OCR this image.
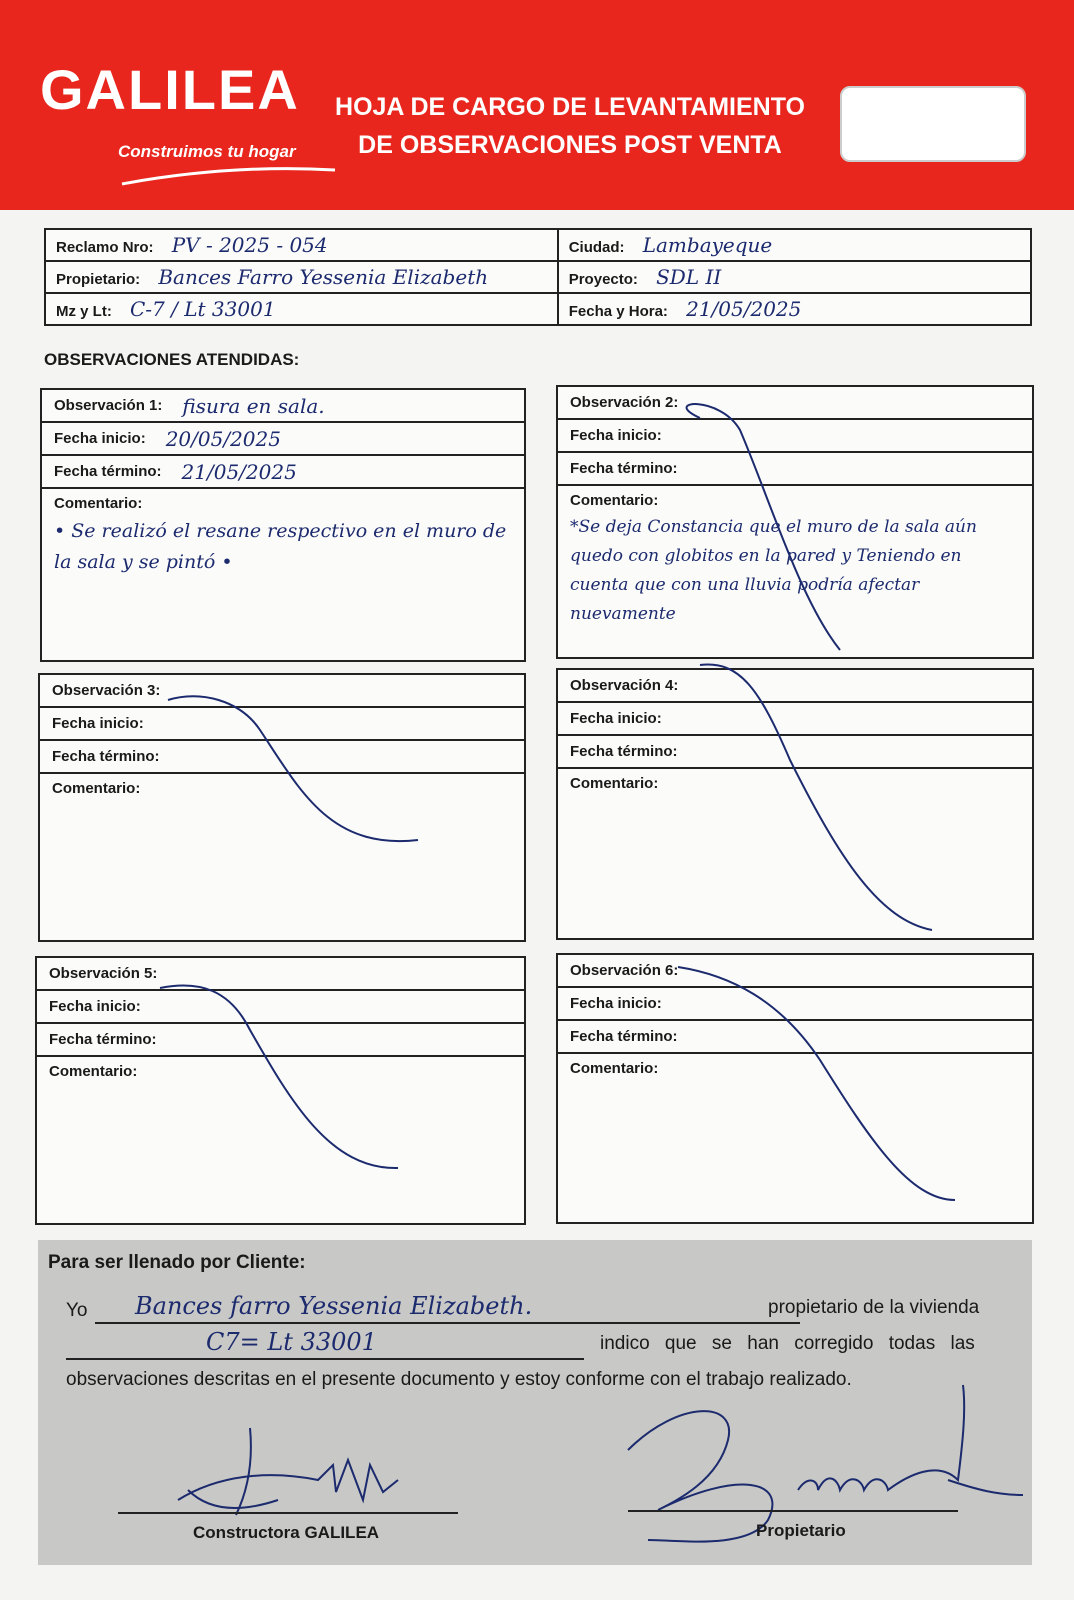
GALILEA
Construimos tu hogar
HOJA DE CARGO DE LEVANTAMIENTO
DE OBSERVACIONES POST VENTA
Reclamo Nro: PV - 2025 - 054	Ciudad: Lambayeque
Propietario: Bances Farro Yessenia Elizabeth	Proyecto: SDL II
Mz y Lt: C-7 / Lt 33001	Fecha y Hora: 21/05/2025
OBSERVACIONES ATENDIDAS:
Observación 1: fisura en sala.
Fecha inicio: 20/05/2025
Fecha término: 21/05/2025
Comentario:
• Se realizó el resane respectivo en el muro de la sala y se pintó •
Observación 2:
Fecha inicio:
Fecha término:
Comentario:
*Se deja Constancia que el muro de la sala aún quedo con globitos en la pared y Teniendo en cuenta que con una lluvia podría afectar nuevamente
Observación 3:
Fecha inicio:
Fecha término:
Comentario:
Observación 4:
Fecha inicio:
Fecha término:
Comentario:
Observación 5:
Fecha inicio:
Fecha término:
Comentario:
Observación 6:
Fecha inicio:
Fecha término:
Comentario:
Para ser llenado por Cliente:
Yo Bances farro Yessenia Elizabeth.	propietario de la vivienda
C7= Lt 33001	indico que se han corregido todas las
observaciones descritas en el presente documento y estoy conforme con el trabajo realizado.
Constructora GALILEA	Propietario
